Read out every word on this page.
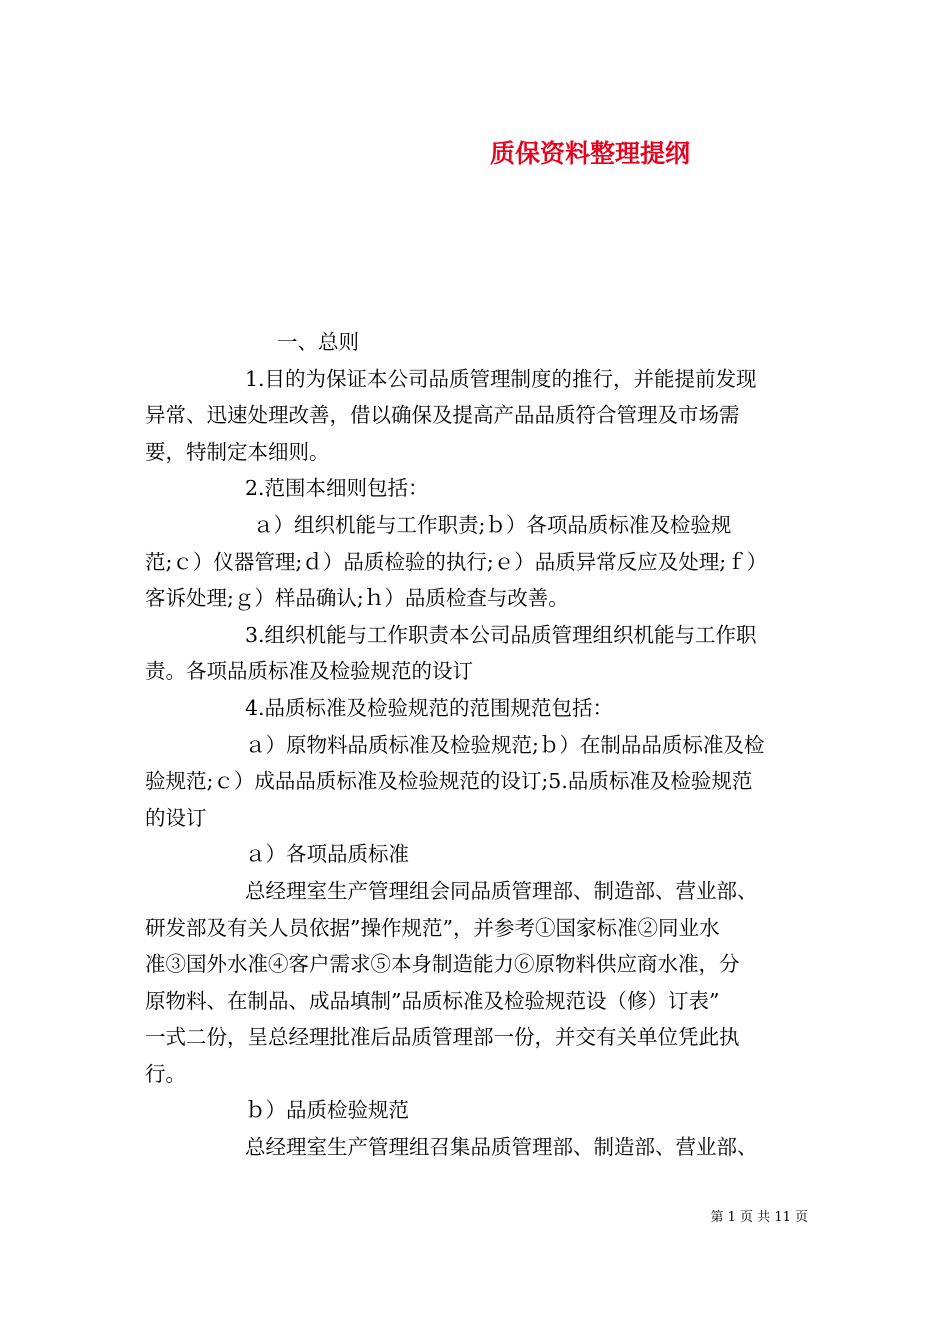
质保资料整理提纲
一、总则
1.目的为保证本公司品质管理制度的推行，并能提前发现
异常、迅速处理改善，借以确保及提高产品品质符合管理及市场需
要，特制定本细则。
2.范围本细则包括：
ａ）组织机能与工作职责;ｂ）各项品质标准及检验规
范;ｃ）仪器管理;ｄ）品质检验的执行;ｅ）品质异常反应及处理;ｆ）
客诉处理;ｇ）样品确认;ｈ）品质检查与改善。
3.组织机能与工作职责本公司品质管理组织机能与工作职
责。各项品质标准及检验规范的设订
4.品质标准及检验规范的范围规范包括：
ａ）原物料品质标准及检验规范;ｂ）在制品品质标准及检
验规范;ｃ）成品品质标准及检验规范的设订;5.品质标准及检验规范
的设订
ａ）各项品质标准
总经理室生产管理组会同品质管理部、制造部、营业部、
研发部及有关人员依据”操作规范”，并参考①国家标准②同业水
准③国外水准④客户需求⑤本身制造能力⑥原物料供应商水准，分
原物料、在制品、成品填制”品质标准及检验规范设（修）订表”
一式二份，呈总经理批准后品质管理部一份，并交有关单位凭此执
行。
ｂ）品质检验规范
总经理室生产管理组召集品质管理部、制造部、营业部、
第 1 页 共 11 页
